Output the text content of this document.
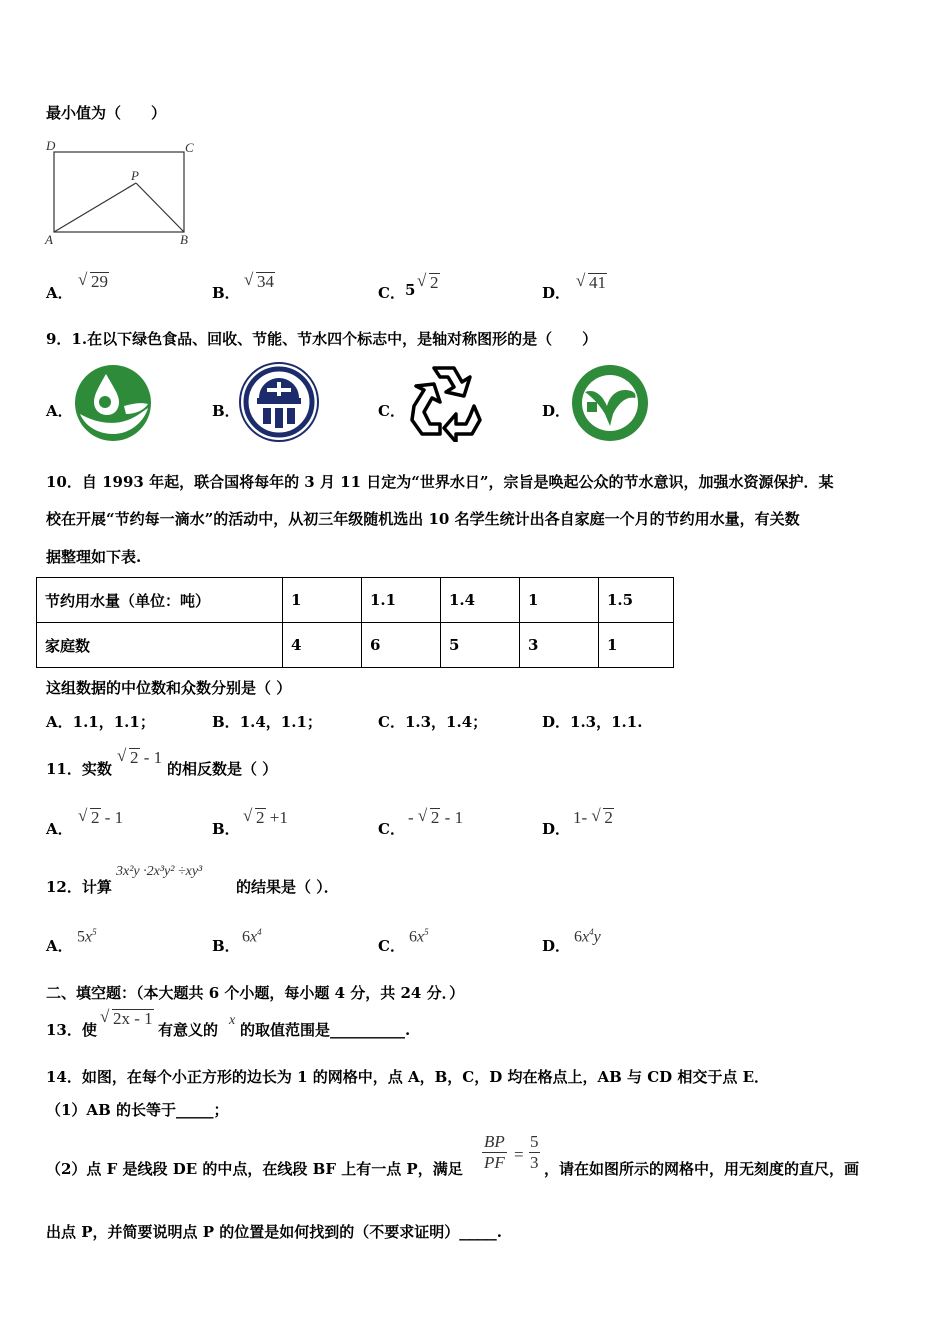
最小值为（　　）
D	C
P
A	B
A．
√ 29
B．
√ 34
C． 5 √ 2
D．
√ 41
9．1.在以下绿色食品、回收、节能、节水四个标志中，是轴对称图形的是（　　）
A．	B．	C．	D．
10．自 1993 年起，联合国将每年的 3 月 11 日定为“世界水日”，宗旨是唤起公众的节水意识，加强水资源保护．某
校在开展“节约每一滴水”的活动中，从初三年级随机选出 10 名学生统计出各自家庭一个月的节约用水量，有关数
据整理如下表.
节约用水量（单位：吨）	1	1.1	1.4	1	1.5
家庭数	4	6	5	3	1
这组数据的中位数和众数分别是（ ）
A．1.1，1.1；	B．1.4，1.1；	C．1.3，1.4；	D．1.3，1.1.
11．实数
√ 2 - 1
的相反数是（ ）
A．
√ 2 - 1
B．
√ 2 +1
C．
- √ 2 - 1
D．
1- √ 2
12．计算
3x²y ·2x³y² ÷xy³
的结果是（ ）．
A．
$5x^5$
B．
$6x^4$
C．
$6x^5$
D．
$6x^4y$
二、填空题：（本大题共 6 个小题，每小题 4 分，共 24 分．）
13．使
√ 2x - 1
有意义的
x
的取值范围是__________.
14．如图，在每个小正方形的边长为 1 的网格中，点 A，B，C，D 均在格点上，AB 与 CD 相交于点 E．
（1）AB 的长等于_____；
（2）点 F 是线段 DE 的中点，在线段 BF 上有一点 P，满足 $\frac{BP}{PF} = \frac{5}{3}$ ，请在如图所示的网格中，用无刻度的直尺，画
出点 P，并简要说明点 P 的位置是如何找到的（不要求证明）_____.
